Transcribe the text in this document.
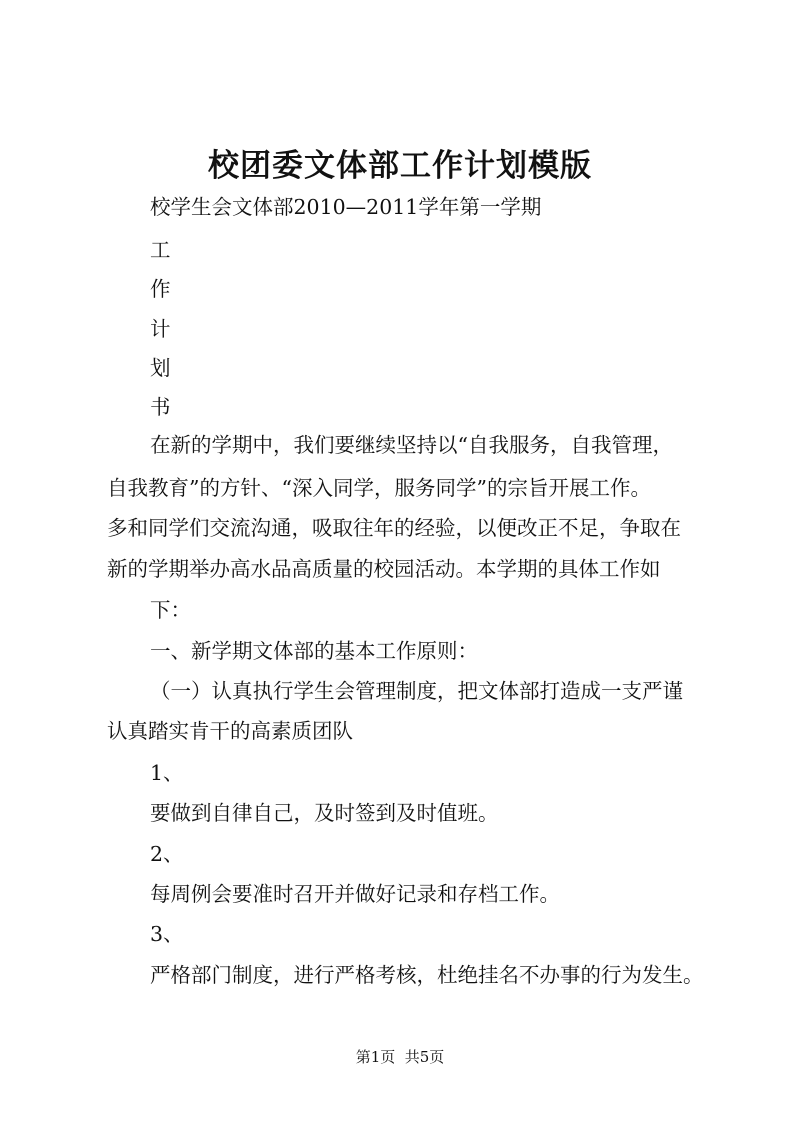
校团委文体部工作计划模版

校学生会文体部2010—2011学年第一学期

工

作

计

划

书

在新的学期中，我们要继续坚持以“自我服务，自我管理，

自我教育”的方针、“深入同学，服务同学”的宗旨开展工作。

多和同学们交流沟通，吸取往年的经验，以便改正不足，争取在

新的学期举办高水品高质量的校园活动。本学期的具体工作如

下：

一、新学期文体部的基本工作原则：

（一）认真执行学生会管理制度，把文体部打造成一支严谨

认真踏实肯干的高素质团队

1、

要做到自律自己，及时签到及时值班。

2、

每周例会要准时召开并做好记录和存档工作。

3、

严格部门制度，进行严格考核，杜绝挂名不办事的行为发生。

第1页  共5页
